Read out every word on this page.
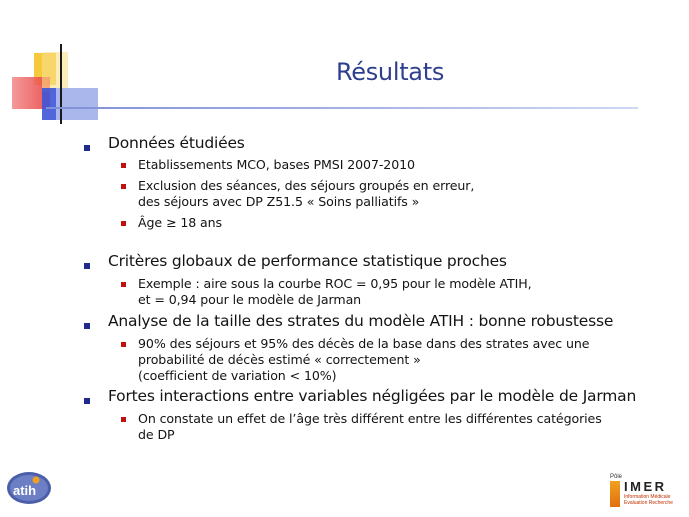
Résultats
Données étudiées
Etablissements MCO, bases PMSI 2007-2010
Exclusion des séances, des séjours groupés en erreur,
des séjours avec DP Z51.5 « Soins palliatifs »
Âge ≥ 18 ans
Critères globaux de performance statistique proches
Exemple : aire sous la courbe ROC = 0,95 pour le modèle ATIH,
et = 0,94 pour le modèle de Jarman
Analyse de la taille des strates du modèle ATIH : bonne robustesse
90% des séjours et 95% des décès de la base dans des strates avec une
probabilité de décès estimé « correctement »
(coefficient de variation < 10%)
Fortes interactions entre variables négligées par le modèle de Jarman
On constate un effet de l’âge très différent entre les différentes catégories
de DP
atih
Pôle
IMER
Information Médicale
Evaluation Recherche
